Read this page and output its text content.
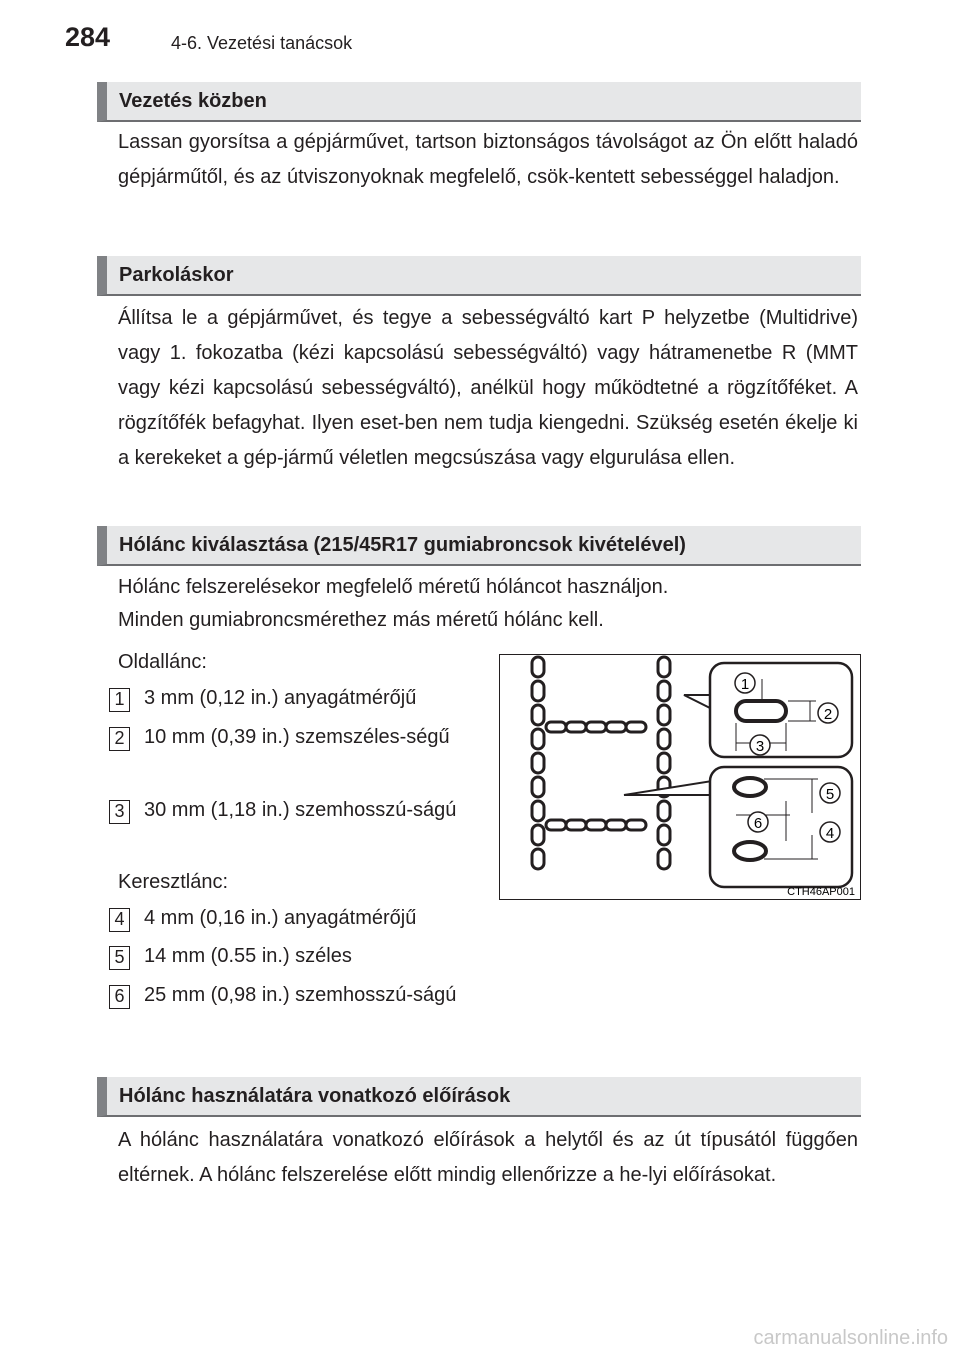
284	4-6. Vezetési tanácsok
Vezetés közben

Lassan gyorsítsa a gépjárművet, tartson biztonságos távolságot az Ön előtt haladó gépjárműtől, és az útviszonyoknak megfelelő, csök-kentett sebességgel haladjon.

Parkoláskor

Állítsa le a gépjárművet, és tegye a sebességváltó kart P helyzetbe (Multidrive) vagy 1. fokozatba (kézi kapcsolású sebességváltó) vagy hátramenetbe R (MMT vagy kézi kapcsolású sebességváltó), anélkül hogy működtetné a rögzítőféket. A rögzítőfék befagyhat. Ilyen eset-ben nem tudja kiengedni. Szükség esetén ékelje ki a kerekeket a gép-jármű véletlen megcsúszása vagy elgurulása ellen.

Hólánc kiválasztása (215/45R17 gumiabroncsok kivételével)

Hólánc felszerelésekor megfelelő méretű hóláncot használjon.

Minden gumiabroncsmérethez más méretű hólánc kell.

Oldallánc:

1 3 mm (0,12 in.) anyagátmérőjű

2 10 mm (0,39 in.) szemszéles-ségű

3 30 mm (1,18 in.) szemhosszú-ságú

Keresztlánc:

4 4 mm (0,16 in.) anyagátmérőjű

5 14 mm (0.55 in.) széles

6 25 mm (0,98 in.) szemhosszú-ságú

1
2
3
4
5
6
CTH46AP001
Hólánc használatára vonatkozó előírások

A hólánc használatára vonatkozó előírások a helytől és az út típusától függően eltérnek. A hólánc felszerelése előtt mindig ellenőrizze a he-lyi előírásokat.

carmanualsonline.info
